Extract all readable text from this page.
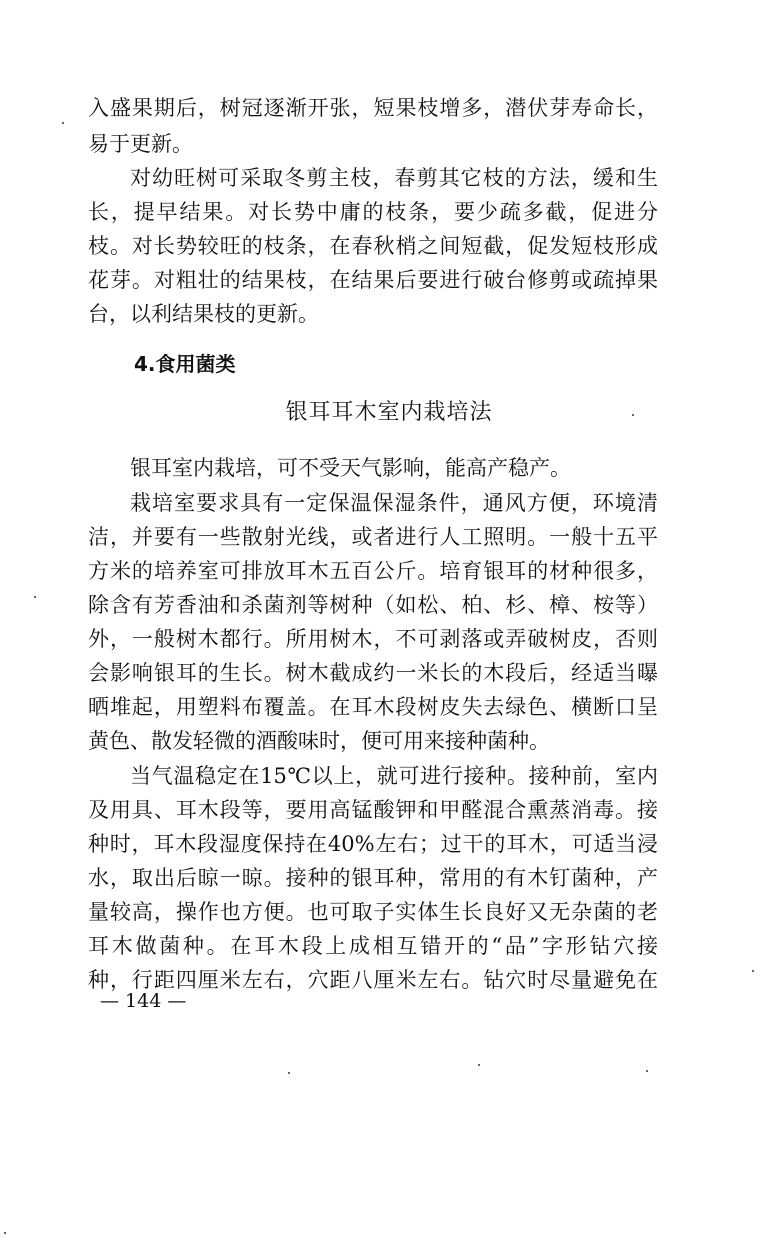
入盛果期后，树冠逐渐开张，短果枝增多，潜伏芽寿命长，
易于更新。
对幼旺树可采取冬剪主枝，春剪其它枝的方法，缓和生
长，提早结果。对长势中庸的枝条，要少疏多截，促进分
枝。对长势较旺的枝条，在春秋梢之间短截，促发短枝形成
花芽。对粗壮的结果枝，在结果后要进行破台修剪或疏掉果
台，以利结果枝的更新。
4.食用菌类
银耳耳木室内栽培法
银耳室内栽培，可不受天气影响，能高产稳产。
栽培室要求具有一定保温保湿条件，通风方便，环境清
洁，并要有一些散射光线，或者进行人工照明。一般十五平
方米的培养室可排放耳木五百公斤。培育银耳的材种很多，
除含有芳香油和杀菌剂等树种（如松、柏、杉、樟、桉等）
外，一般树木都行。所用树木，不可剥落或弄破树皮，否则
会影响银耳的生长。树木截成约一米长的木段后，经适当曝
晒堆起，用塑料布覆盖。在耳木段树皮失去绿色、横断口呈
黄色、散发轻微的酒酸味时，便可用来接种菌种。
当气温稳定在15℃以上，就可进行接种。接种前，室内
及用具、耳木段等，要用高锰酸钾和甲醛混合熏蒸消毒。接
种时，耳木段湿度保持在40%左右；过干的耳木，可适当浸
水，取出后晾一晾。接种的银耳种，常用的有木钉菌种，产
量较高，操作也方便。也可取子实体生长良好又无杂菌的老
耳木做菌种。在耳木段上成相互错开的“品”字形钻穴接
种，行距四厘米左右，穴距八厘米左右。钻穴时尽量避免在
— 144 —
